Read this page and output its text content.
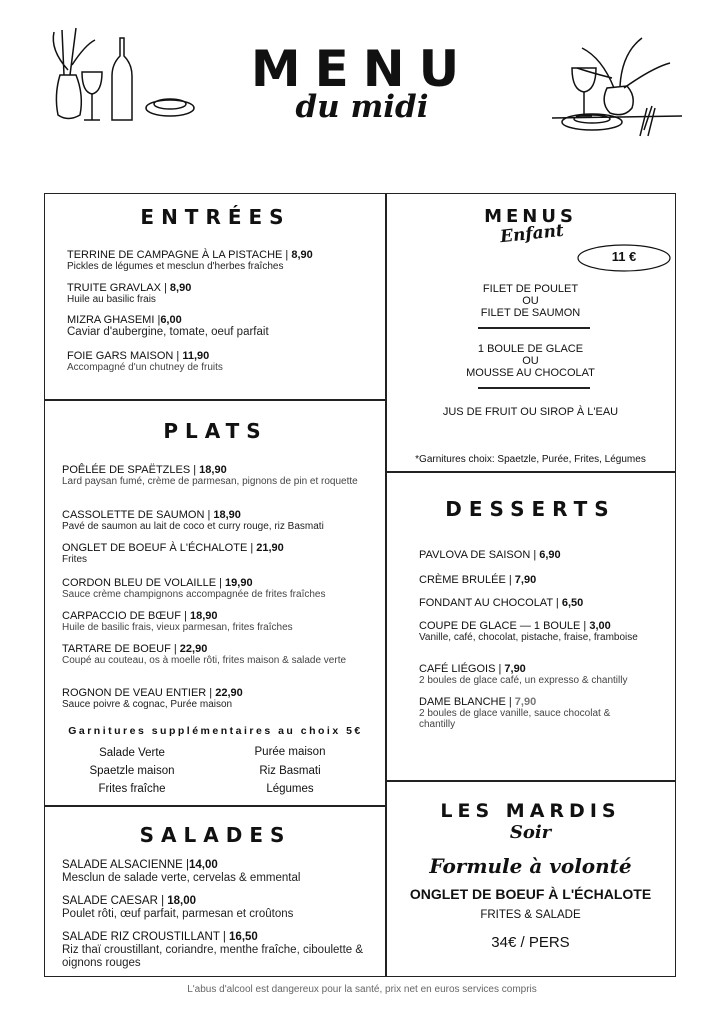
MENU
du midi
ENTRÉES
TERRINE DE CAMPAGNE À LA PISTACHE | 8,90
Pickles de légumes et mesclun d'herbes fraîches
TRUITE GRAVLAX | 8,90
Huile au basilic frais
MIZRA GHASEMI |6,00
Caviar d'aubergine, tomate, oeuf parfait
FOIE GARS MAISON | 11,90
Accompagné d'un chutney de fruits
MENUS
Enfant
11 €
FILET DE POULET
OU
FILET DE SAUMON
1 BOULE DE GLACE
OU
MOUSSE AU CHOCOLAT
JUS DE FRUIT OU SIROP À L'EAU
*Garnitures choix: Spaetzle, Purée, Frites, Légumes
PLATS
POÊLÉE DE SPAËTZLES | 18,90
Lard paysan fumé, crème de parmesan, pignons de pin et roquette
CASSOLETTE DE SAUMON | 18,90
Pavé de saumon au lait de coco et curry rouge, riz Basmati
ONGLET DE BOEUF À L'ÉCHALOTE | 21,90
Frites
CORDON BLEU DE VOLAILLE | 19,90
Sauce crème champignons accompagnée de frites fraîches
CARPACCIO DE BŒUF | 18,90
Huile de basilic frais, vieux parmesan, frites fraîches
TARTARE DE BOEUF | 22,90
Coupé au couteau, os à moelle rôti, frites maison & salade verte
ROGNON DE VEAU ENTIER | 22,90
Sauce poivre & cognac, Purée maison
Garnitures supplémentaires au choix 5€
Salade Verte	Purée maison
Spaetzle maison	Riz Basmati
Frites fraîche	Légumes
DESSERTS
PAVLOVA DE SAISON | 6,90
CRÈME BRULÉE | 7,90
FONDANT AU CHOCOLAT | 6,50
COUPE DE GLACE — 1 BOULE | 3,00
Vanille, café, chocolat, pistache, fraise, framboise
CAFÉ LIÉGOIS | 7,90
2 boules de glace café, un expresso & chantilly
DAME BLANCHE | 7,90
2 boules de glace vanille, sauce chocolat & chantilly
SALADES
SALADE ALSACIENNE |14,00
Mesclun de salade verte, cervelas & emmental
SALADE CAESAR | 18,00
Poulet rôti, œuf parfait, parmesan et croûtons
SALADE RIZ CROUSTILLANT | 16,50
Riz thaï croustillant, coriandre, menthe fraîche, ciboulette & oignons rouges
LES MARDIS
Soir
Formule à volonté
ONGLET DE BOEUF À L'ÉCHALOTE
FRITES & SALADE
34€ / PERS
L'abus d'alcool est dangereux pour la santé, prix net en euros services compris
